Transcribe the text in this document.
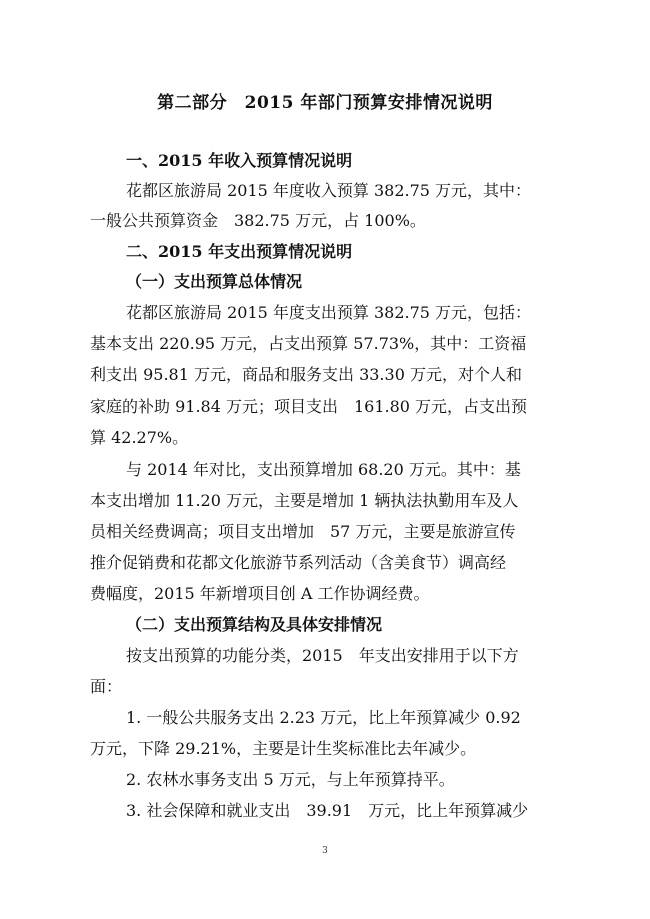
第二部分　2015 年部门预算安排情况说明
一、2015 年收入预算情况说明
花都区旅游局 2015 年度收入预算 382.75 万元，其中：
一般公共预算资金　382.75 万元，占 100%。
二、2015 年支出预算情况说明
（一）支出预算总体情况
花都区旅游局 2015 年度支出预算 382.75 万元，包括：
基本支出 220.95 万元，占支出预算 57.73%，其中：工资福
利支出 95.81 万元，商品和服务支出 33.30 万元，对个人和
家庭的补助 91.84 万元；项目支出　161.80 万元，占支出预
算 42.27%。
与 2014 年对比，支出预算增加 68.20 万元。其中：基
本支出增加 11.20 万元，主要是增加 1 辆执法执勤用车及人
员相关经费调高；项目支出增加　57 万元，主要是旅游宣传
推介促销费和花都文化旅游节系列活动（含美食节）调高经
费幅度，2015 年新增项目创 A 工作协调经费。
（二）支出预算结构及具体安排情况
按支出预算的功能分类，2015　年支出安排用于以下方
面：
1. 一般公共服务支出 2.23 万元，比上年预算减少 0.92
万元，下降 29.21%，主要是计生奖标准比去年减少。
2. 农林水事务支出 5 万元，与上年预算持平。
3. 社会保障和就业支出　39.91　万元，比上年预算减少
3
